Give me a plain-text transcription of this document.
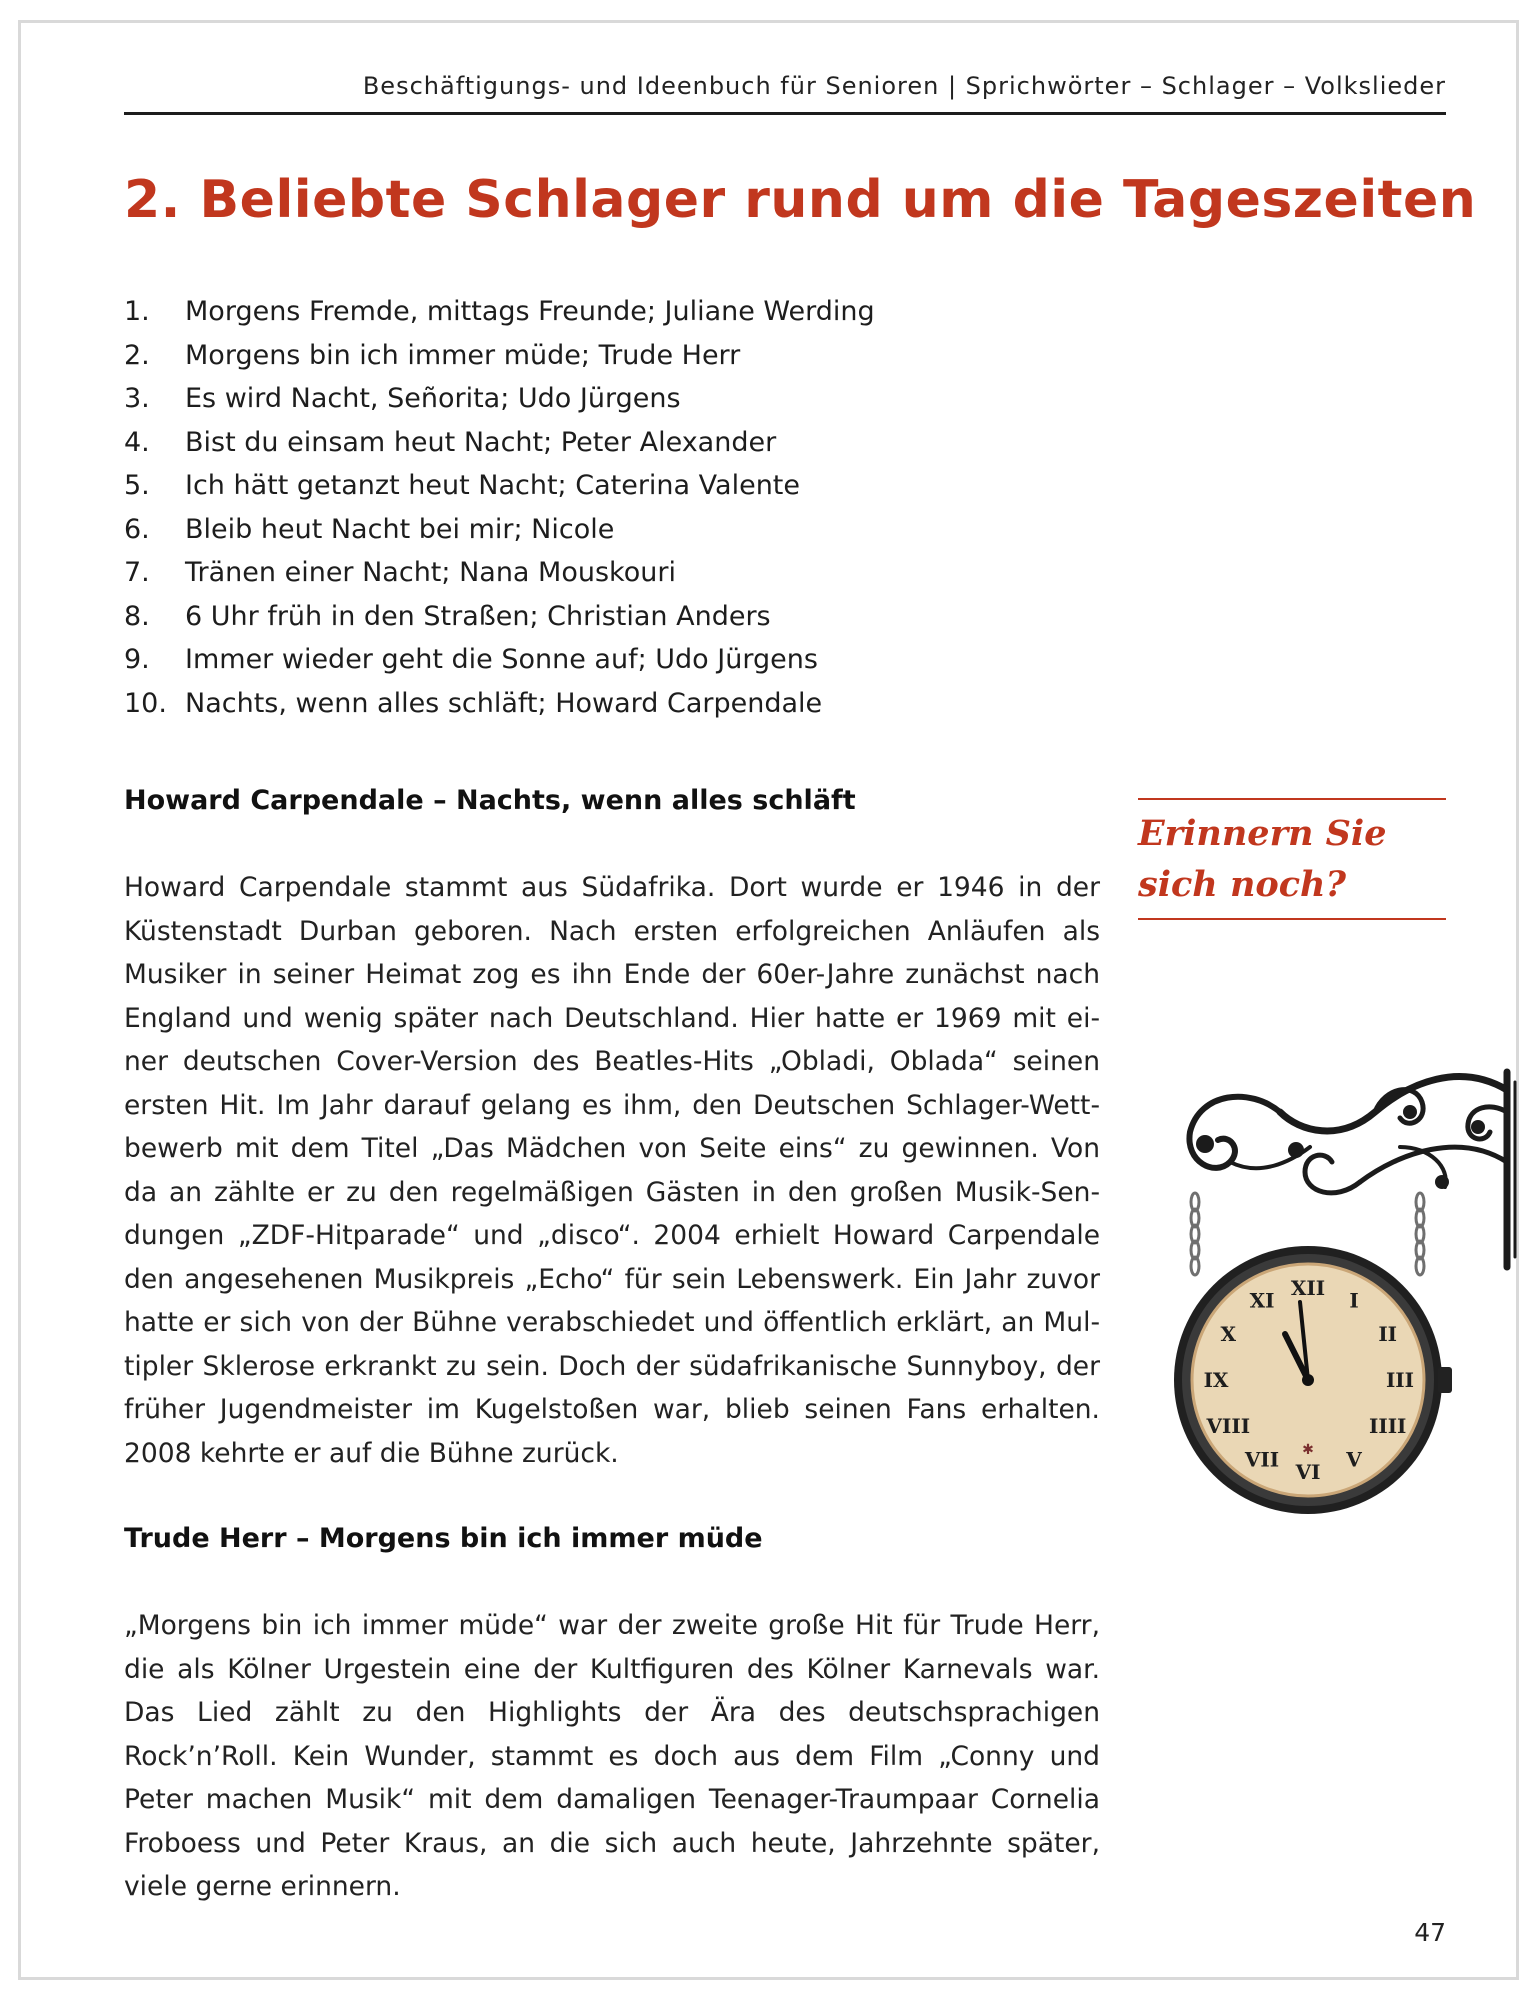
Beschäftigungs- und Ideenbuch für Senioren | Sprichwörter – Schlager – Volkslieder
2. Beliebte Schlager rund um die Tageszeiten
1.	Morgens Fremde, mittags Freunde; Juliane Werding
2.	Morgens bin ich immer müde; Trude Herr
3.	Es wird Nacht, Señorita; Udo Jürgens
4.	Bist du einsam heut Nacht; Peter Alexander
5.	Ich hätt getanzt heut Nacht; Caterina Valente
6.	Bleib heut Nacht bei mir; Nicole
7.	Tränen einer Nacht; Nana Mouskouri
8.	6 Uhr früh in den Straßen; Christian Anders
9.	Immer wieder geht die Sonne auf; Udo Jürgens
10. Nachts, wenn alles schläft; Howard Carpendale
Howard Carpendale – Nachts, wenn alles schläft

Howard Carpendale stammt aus Südafrika. Dort wurde er 1946 in der Küstenstadt Durban geboren. Nach ersten erfolgreichen Anläufen als Musiker in seiner Heimat zog es ihn Ende der 60er-Jahre zunächst nach England und wenig später nach Deutschland. Hier hatte er 1969 mit einer deutschen Cover-Version des Beatles-Hits „Obladi, Oblada“ seinen ersten Hit. Im Jahr darauf gelang es ihm, den Deutschen Schlager-Wettbewerb mit dem Titel „Das Mädchen von Seite eins“ zu gewinnen. Von da an zählte er zu den regelmäßigen Gästen in den großen Musik-Sendungen „ZDF-Hitparade“ und „disco“. 2004 erhielt Howard Carpendale den angesehenen Musikpreis „Echo“ für sein Lebenswerk. Ein Jahr zuvor hatte er sich von der Bühne verabschiedet und öffentlich erklärt, an Multipler Sklerose erkrankt zu sein. Doch der südafrikanische Sunnyboy, der früher Jugendmeister im Kugelstoßen war, blieb seinen Fans erhalten. 2008 kehrte er auf die Bühne zurück.

Trude Herr – Morgens bin ich immer müde

„Morgens bin ich immer müde“ war der zweite große Hit für Trude Herr, die als Kölner Urgestein eine der Kultfiguren des Kölner Karnevals war. Das Lied zählt zu den Highlights der Ära des deutschsprachigen Rock’n’Roll. Kein Wunder, stammt es doch aus dem Film „Conny und Peter machen Musik“ mit dem damaligen Teenager-Traumpaar Cornelia Froboess und Peter Kraus, an die sich auch heute, Jahrzehnte später, viele gerne erinnern.

Erinnern Sie
sich noch?
XII
I
II
III
IIII
V
VI
VII
VIII
IX
X
XI
✱
47
